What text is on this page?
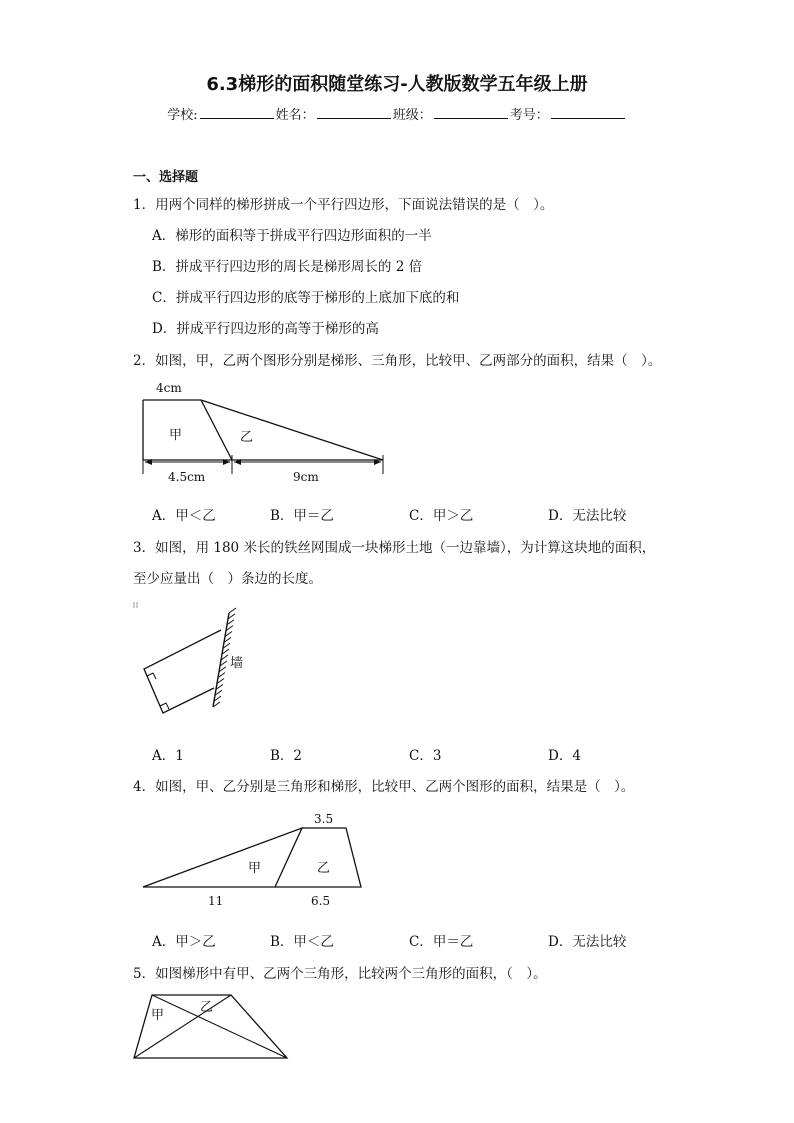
6.3梯形的面积随堂练习-人教版数学五年级上册
学校:	姓名：	班级：	考号：
一、选择题
1．用两个同样的梯形拼成一个平行四边形，下面说法错误的是（　）。
A．梯形的面积等于拼成平行四边形面积的一半
B．拼成平行四边形的周长是梯形周长的 2 倍
C．拼成平行四边形的底等于梯形的上底加下底的和
D．拼成平行四边形的高等于梯形的高
2．如图，甲，乙两个图形分别是梯形、三角形，比较甲、乙两部分的面积，结果（　）。
4cm
甲	乙
4.5cm	9cm
A．甲＜乙	B．甲＝乙	C．甲＞乙	D．无法比较
3．如图，用 180 米长的铁丝网围成一块梯形土地（一边靠墙），为计算这块地的面积，
至少应量出（　）条边的长度。
墙
A．1	B．2	C．3	D．4
4．如图，甲、乙分别是三角形和梯形，比较甲、乙两个图形的面积，结果是（　）。
3.5
甲	乙
11	6.5
A．甲＞乙	B．甲＜乙	C．甲＝乙	D．无法比较
5．如图梯形中有甲、乙两个三角形，比较两个三角形的面积，（　）。
甲
乙
